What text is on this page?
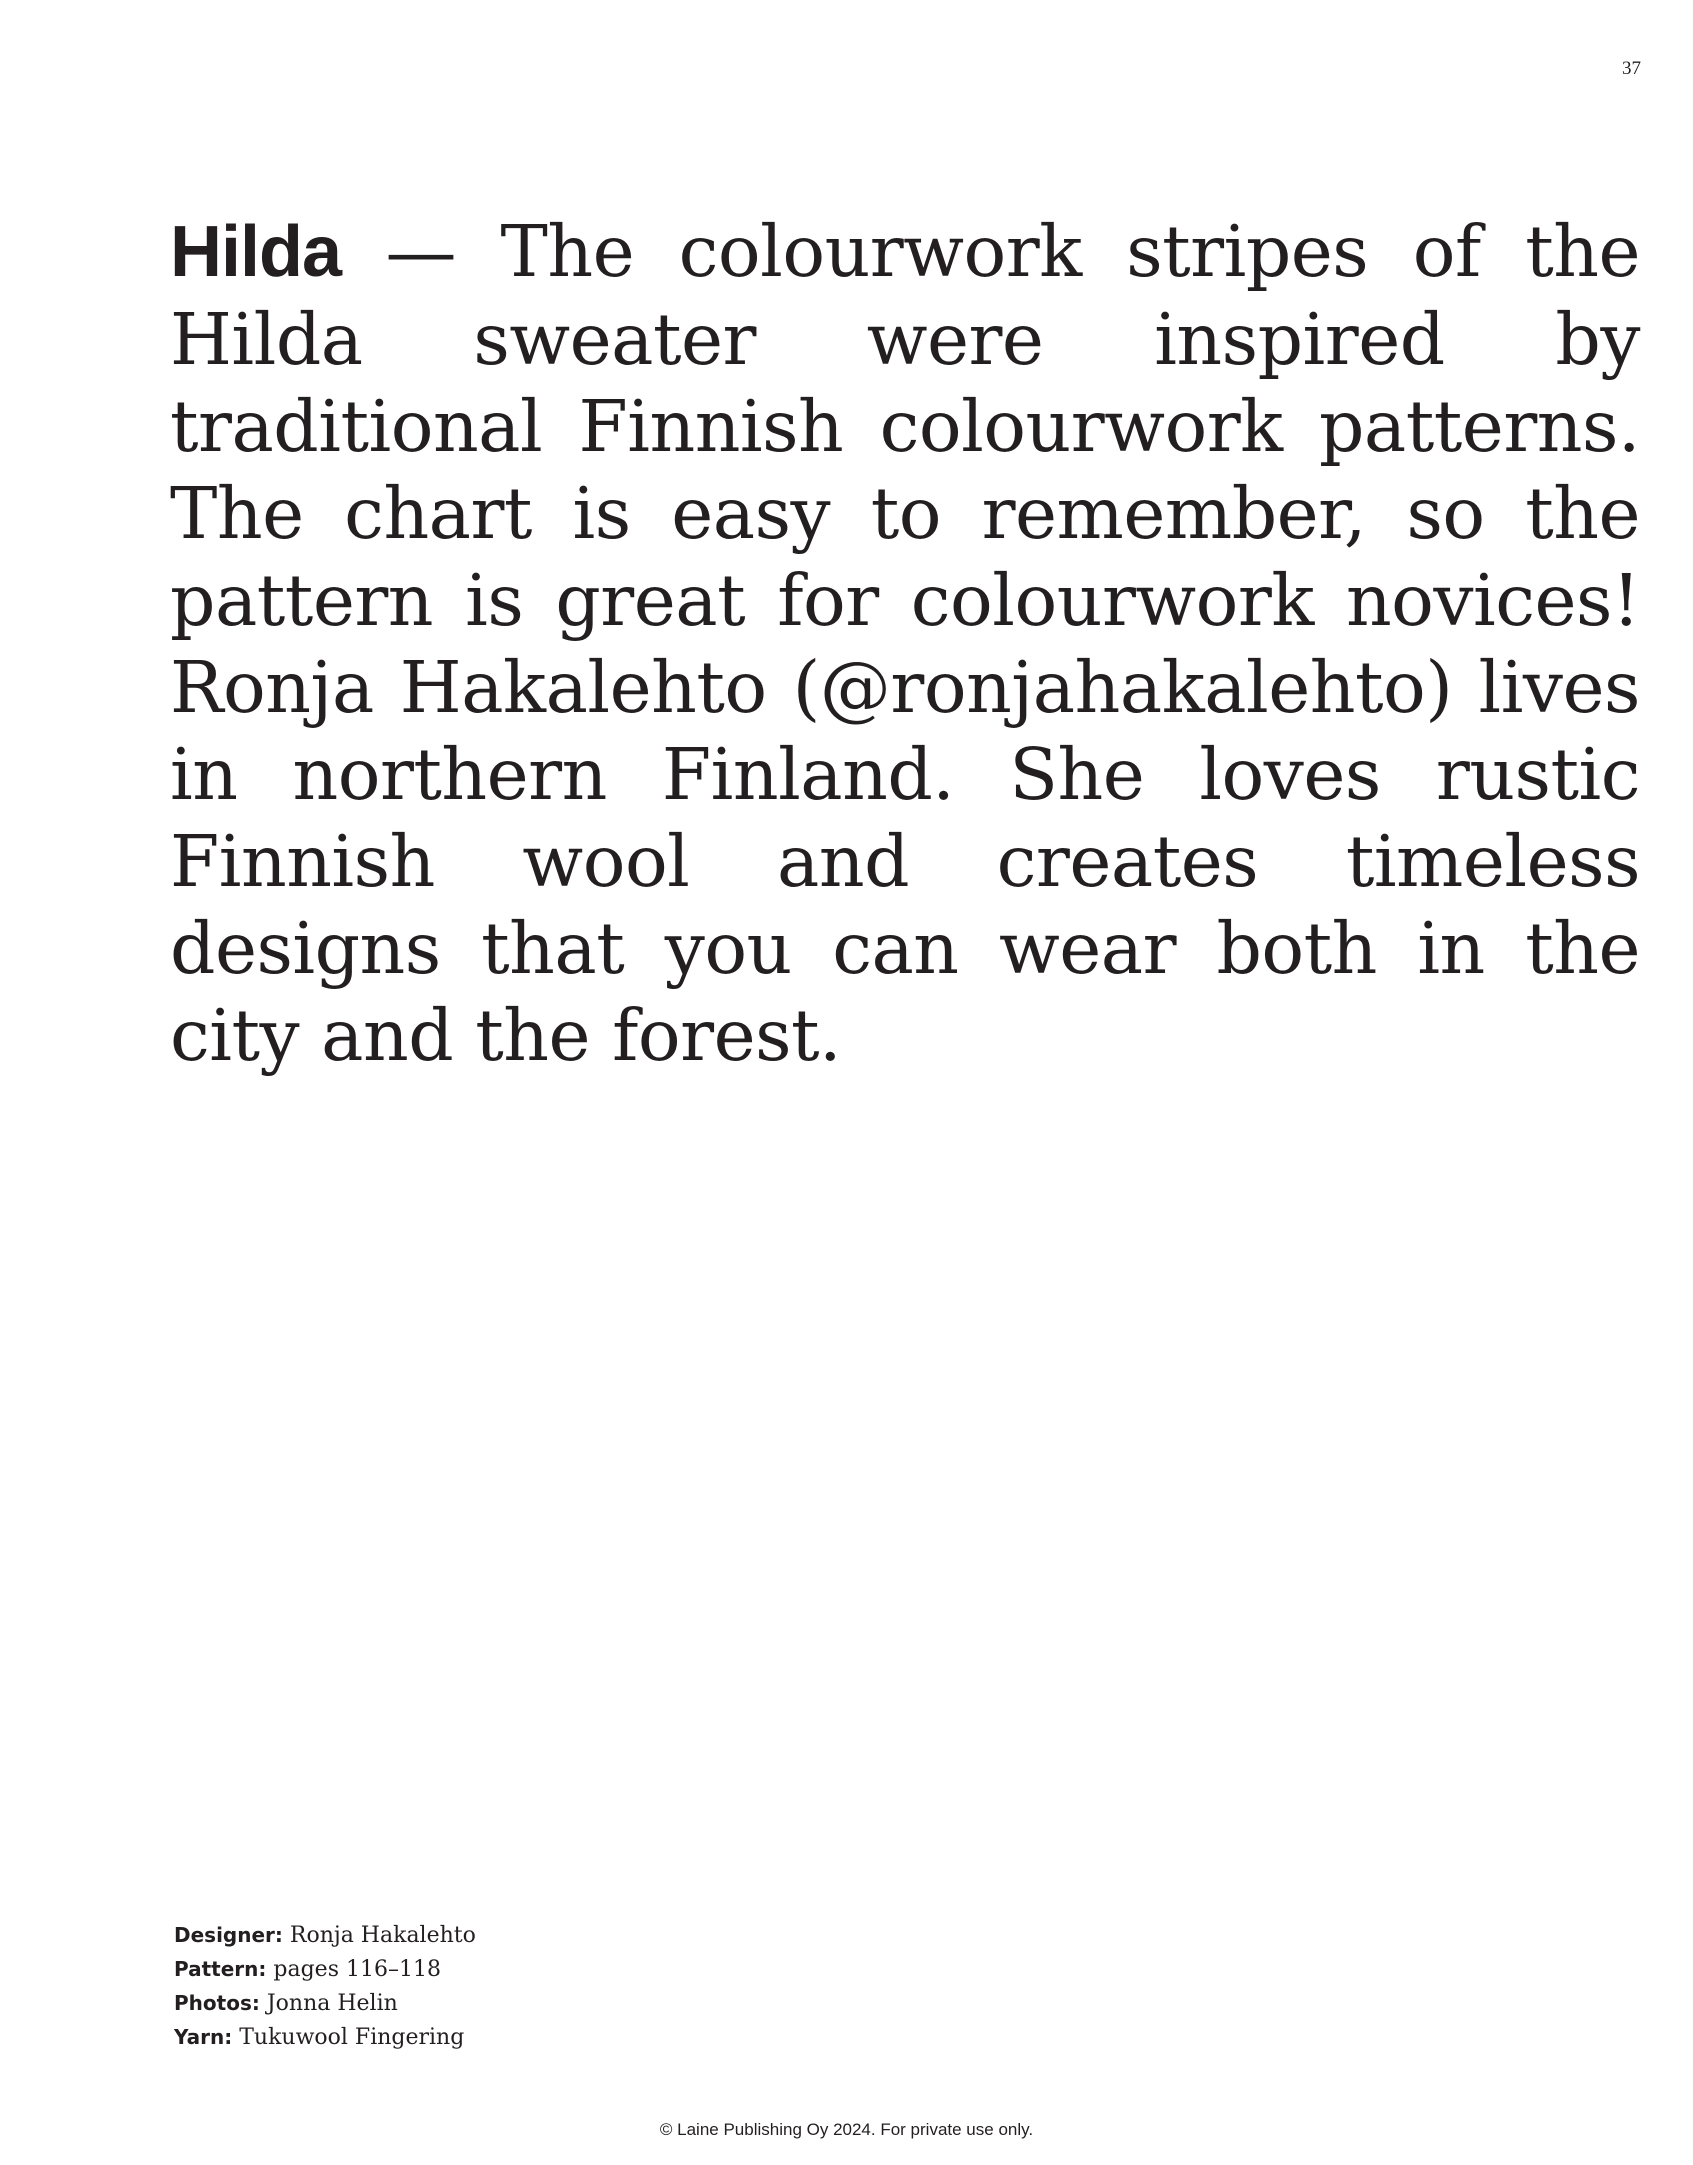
37

Hilda — The colourwork stripes of the Hilda sweater were inspired by traditional Finnish colourwork patterns. The chart is easy to remember, so the pattern is great for colourwork novices! Ronja Hakalehto (@ronjahakalehto) lives in northern Finland. She loves rustic Finnish wool and creates timeless designs that you can wear both in the city and the forest.

Designer: Ronja Hakalehto
Pattern: pages 116–118
Photos: Jonna Helin
Yarn: Tukuwool Fingering
© Laine Publishing Oy 2024. For private use only.
